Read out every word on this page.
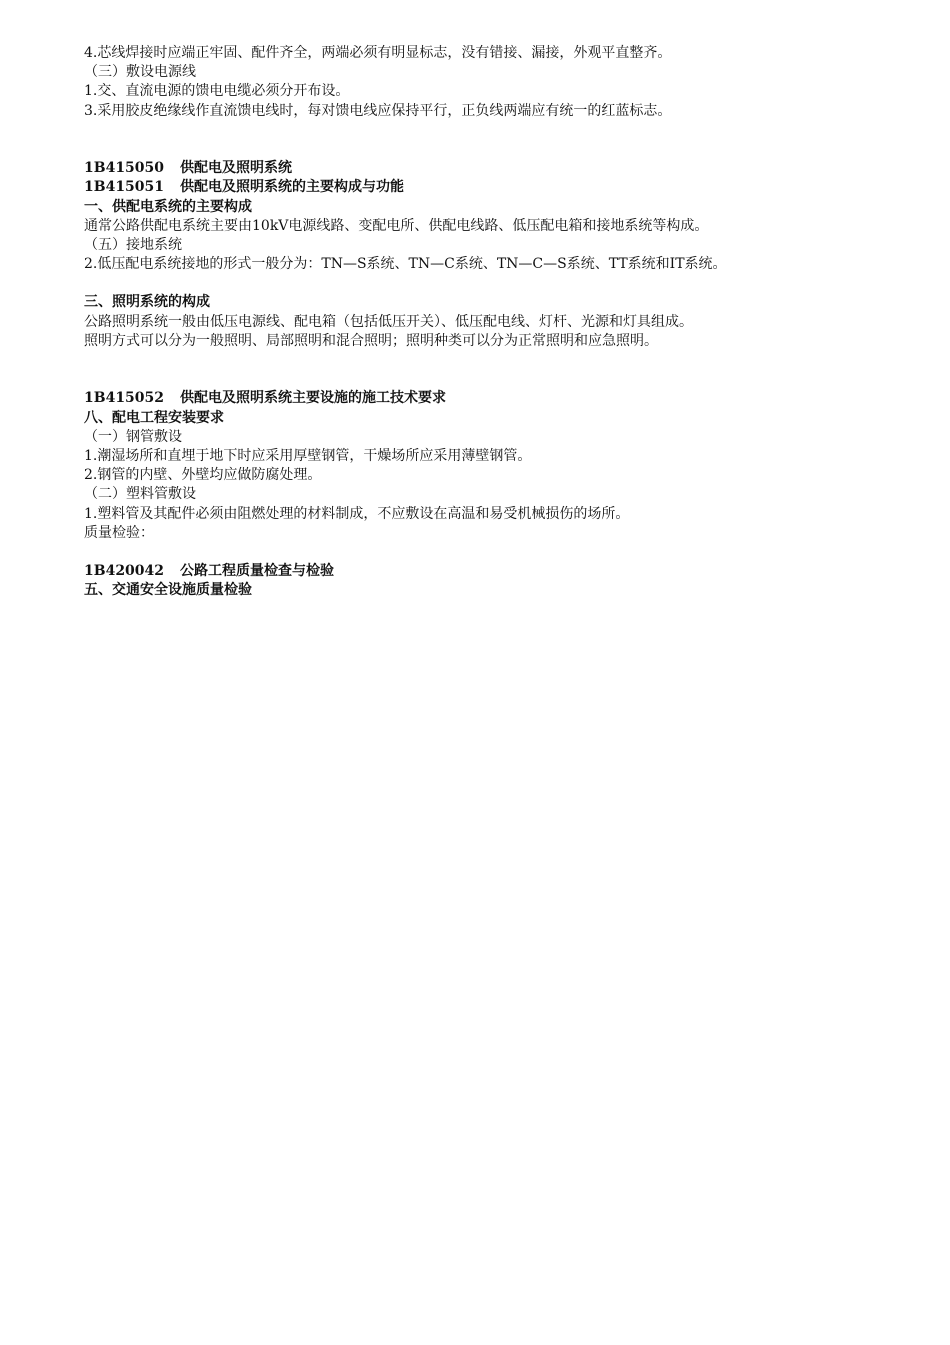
4.芯线焊接时应端正牢固、配件齐全，两端必须有明显标志，没有错接、漏接，外观平直整齐。
（三）敷设电源线
1.交、直流电源的馈电电缆必须分开布设。
3.采用胶皮绝缘线作直流馈电线时，每对馈电线应保持平行，正负线两端应有统一的红蓝标志。
1B415050 供配电及照明系统
1B415051 供配电及照明系统的主要构成与功能
一、供配电系统的主要构成
通常公路供配电系统主要由10kV电源线路、变配电所、供配电线路、低压配电箱和接地系统等构成。
（五）接地系统
2.低压配电系统接地的形式一般分为：TN—S系统、TN—C系统、TN—C—S系统、TT系统和IT系统。
三、照明系统的构成
公路照明系统一般由低压电源线、配电箱（包括低压开关）、低压配电线、灯杆、光源和灯具组成。
照明方式可以分为一般照明、局部照明和混合照明；照明种类可以分为正常照明和应急照明。
1B415052 供配电及照明系统主要设施的施工技术要求
八、配电工程安装要求
（一）钢管敷设
1.潮湿场所和直埋于地下时应采用厚壁钢管，干燥场所应采用薄壁钢管。
2.钢管的内壁、外壁均应做防腐处理。
（二）塑料管敷设
1.塑料管及其配件必须由阻燃处理的材料制成，不应敷设在高温和易受机械损伤的场所。
质量检验：
1B420042 公路工程质量检查与检验
五、交通安全设施质量检验
